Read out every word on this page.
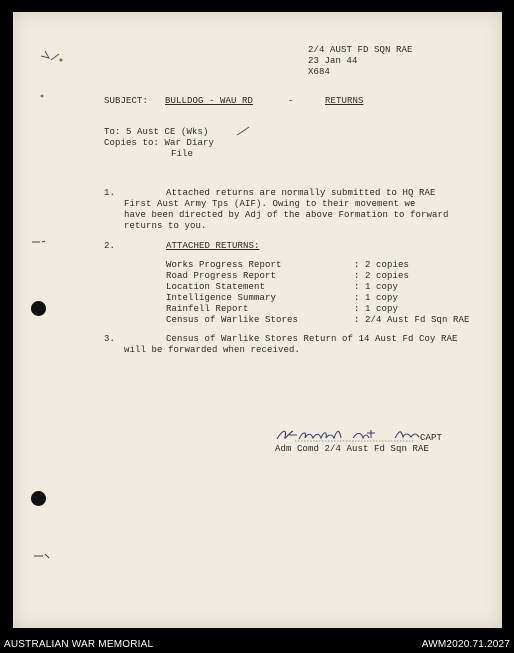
2/4 AUST FD SQN RAE
23 Jan 44
X684
SUBJECT: BULLDOG - WAU RD	-	RETURNS
To: 5 Aust CE (Wks)
Copies to: War Diary
File
1.	Attached returns are normally submitted to HQ RAE
First Aust Army Tps (AIF). Owing to their movement we
have been directed by Adj of the above Formation to forward
returns to you.
2.	ATTACHED RETURNS:
Works Progress Report	: 2 copies
Road Progress Report	: 2 copies
Location Statement	: 1 copy
Intelligence Summary	: 1 copy
Rainfell Report	: 1 copy
Census of Warlike Stores	: 2/4 Aust Fd Sqn RAE
3.	Census of Warlike Stores Return of 14 Aust Fd Coy RAE
will be forwarded when received.
CAPT
Adm Comd 2/4 Aust Fd Sqn RAE
AUSTRALIAN WAR MEMORIAL	AWM2020.71.2027
